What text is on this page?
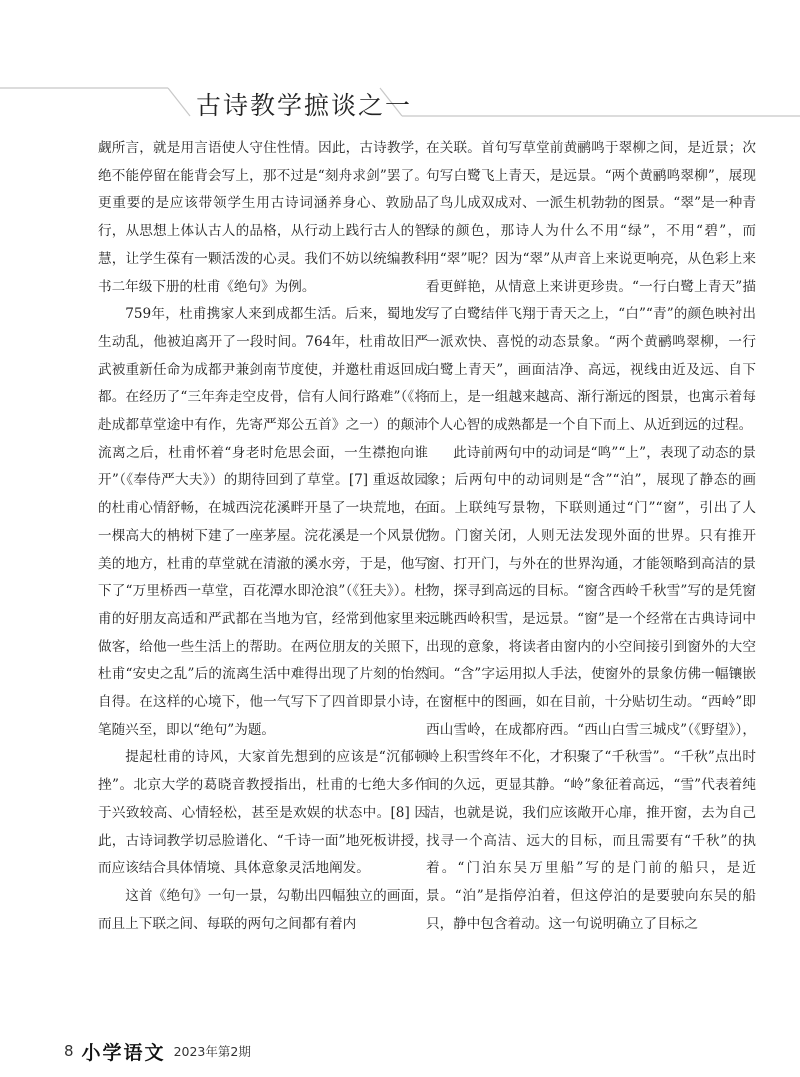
古诗教学摭谈之一

觑所言，就是用言语使人守住性情。因此，古诗教学，绝不能停留在能背会写上，那不过是“刻舟求剑”罢了。更重要的是应该带领学生用古诗词涵养身心、敦励品行，从思想上体认古人的品格，从行动上践行古人的智慧，让学生葆有一颗活泼的心灵。我们不妨以统编教科书二年级下册的杜甫《绝句》为例。

759年，杜甫携家人来到成都生活。后来，蜀地发生动乱，他被迫离开了一段时间。764年，杜甫故旧严武被重新任命为成都尹兼剑南节度使，并邀杜甫返回成都。在经历了“三年奔走空皮骨，信有人间行路难”（《将赴成都草堂途中有作，先寄严郑公五首》之一）的颠沛流离之后，杜甫怀着“身老时危思会面，一生襟抱向谁开”（《奉侍严大夫》）的期待回到了草堂。[7] 重返故园的杜甫心情舒畅，在城西浣花溪畔开垦了一块荒地，在一棵高大的柟树下建了一座茅屋。浣花溪是一个风景优美的地方，杜甫的草堂就在清澈的溪水旁，于是，他写下了“万里桥西一草堂，百花潭水即沧浪”（《狂夫》）。杜甫的好朋友高适和严武都在当地为官，经常到他家里来做客，给他一些生活上的帮助。在两位朋友的关照下，杜甫“安史之乱”后的流离生活中难得出现了片刻的怡然自得。在这样的心境下，他一气写下了四首即景小诗，笔随兴至，即以“绝句”为题。

提起杜甫的诗风，大家首先想到的应该是“沉郁顿挫”。北京大学的葛晓音教授指出，杜甫的七绝大多作于兴致较高、心情轻松，甚至是欢娱的状态中。[8] 因此，古诗词教学切忌脸谱化、“千诗一面”地死板讲授，而应该结合具体情境、具体意象灵活地阐发。

这首《绝句》一句一景，勾勒出四幅独立的画面，而且上下联之间、每联的两句之间都有着内

在关联。首句写草堂前黄鹂鸣于翠柳之间，是近景；次句写白鹭飞上青天，是远景。“两个黄鹂鸣翠柳”，展现了鸟儿成双成对、一派生机勃勃的图景。“翠”是一种青绿的颜色，那诗人为什么不用“绿”，不用“碧”，而用“翠”呢？因为“翠”从声音上来说更响亮，从色彩上来看更鲜艳，从情意上来讲更珍贵。“一行白鹭上青天”描写了白鹭结伴飞翔于青天之上，“白”“青”的颜色映衬出一派欢快、喜悦的动态景象。“两个黄鹂鸣翠柳，一行白鹭上青天”，画面洁净、高远，视线由近及远、自下而上，是一组越来越高、渐行渐远的图景，也寓示着每个人心智的成熟都是一个自下而上、从近到远的过程。

此诗前两句中的动词是“鸣”“上”，表现了动态的景象；后两句中的动词则是“含”“泊”，展现了静态的画面。上联纯写景物，下联则通过“门”“窗”，引出了人物。门窗关闭，人则无法发现外面的世界。只有推开窗、打开门，与外在的世界沟通，才能领略到高洁的景物，探寻到高远的目标。“窗含西岭千秋雪”写的是凭窗远眺西岭积雪，是远景。“窗”是一个经常在古典诗词中出现的意象，将读者由窗内的小空间接引到窗外的大空间。“含”字运用拟人手法，使窗外的景象仿佛一幅镶嵌在窗框中的图画，如在目前，十分贴切生动。“西岭”即西山雪岭，在成都府西。“西山白雪三城戍”（《野望》），岭上积雪终年不化，才积聚了“千秋雪”。“千秋”点出时间的久远，更显其静。“岭”象征着高远，“雪”代表着纯洁，也就是说，我们应该敞开心扉，推开窗，去为自己找寻一个高洁、远大的目标，而且需要有“千秋”的执着。“门泊东吴万里船”写的是门前的船只，是近景。“泊”是指停泊着，但这停泊的是要驶向东吴的船只，静中包含着动。这一句说明确立了目标之

8 小学语文 2023年第2期
